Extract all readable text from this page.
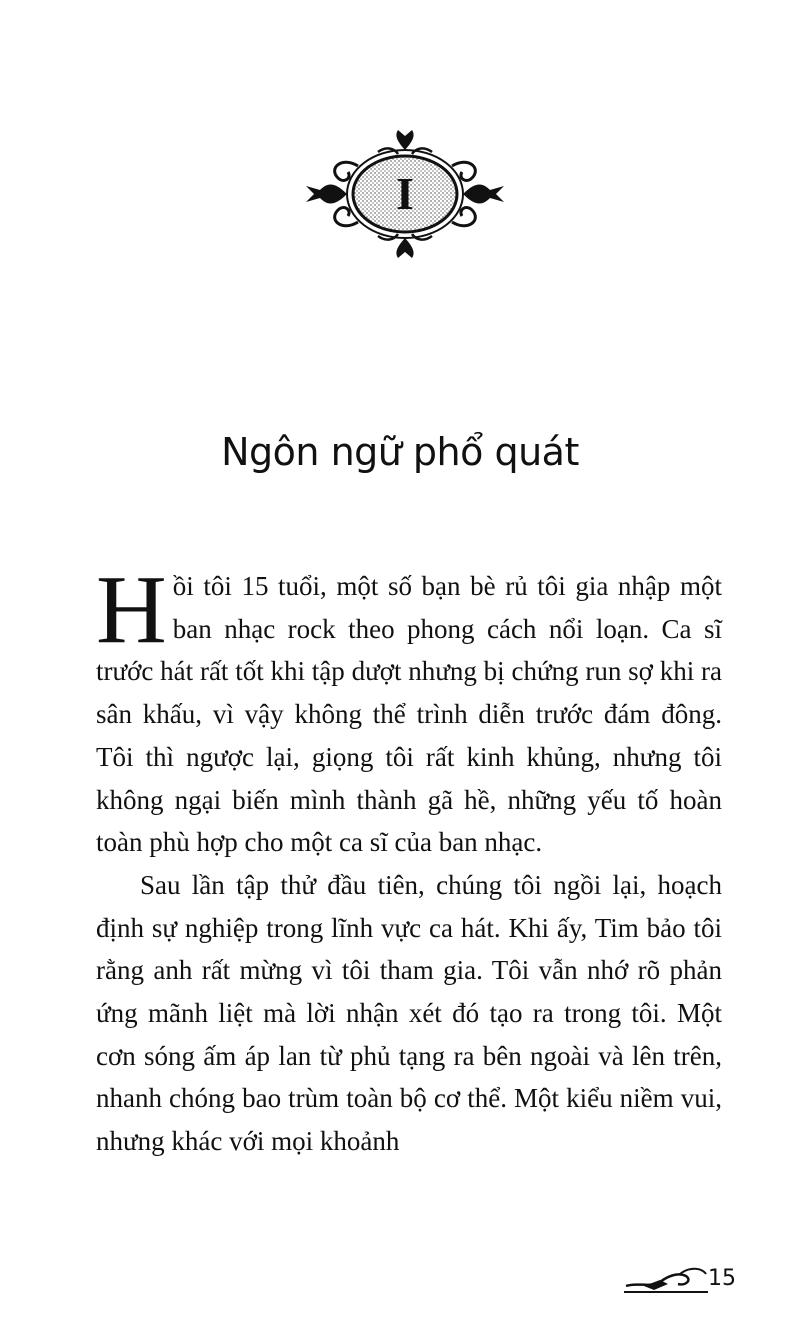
I
Ngôn ngữ phổ quát

Hồi tôi 15 tuổi, một số bạn bè rủ tôi gia nhập một ban nhạc rock theo phong cách nổi loạn. Ca sĩ trước hát rất tốt khi tập dượt nhưng bị chứng run sợ khi ra sân khấu, vì vậy không thể trình diễn trước đám đông. Tôi thì ngược lại, giọng tôi rất kinh khủng, nhưng tôi không ngại biến mình thành gã hề, những yếu tố hoàn toàn phù hợp cho một ca sĩ của ban nhạc.

Sau lần tập thử đầu tiên, chúng tôi ngồi lại, hoạch định sự nghiệp trong lĩnh vực ca hát. Khi ấy, Tim bảo tôi rằng anh rất mừng vì tôi tham gia. Tôi vẫn nhớ rõ phản ứng mãnh liệt mà lời nhận xét đó tạo ra trong tôi. Một cơn sóng ấm áp lan từ phủ tạng ra bên ngoài và lên trên, nhanh chóng bao trùm toàn bộ cơ thể. Một kiểu niềm vui, nhưng khác với mọi khoảnh

15
